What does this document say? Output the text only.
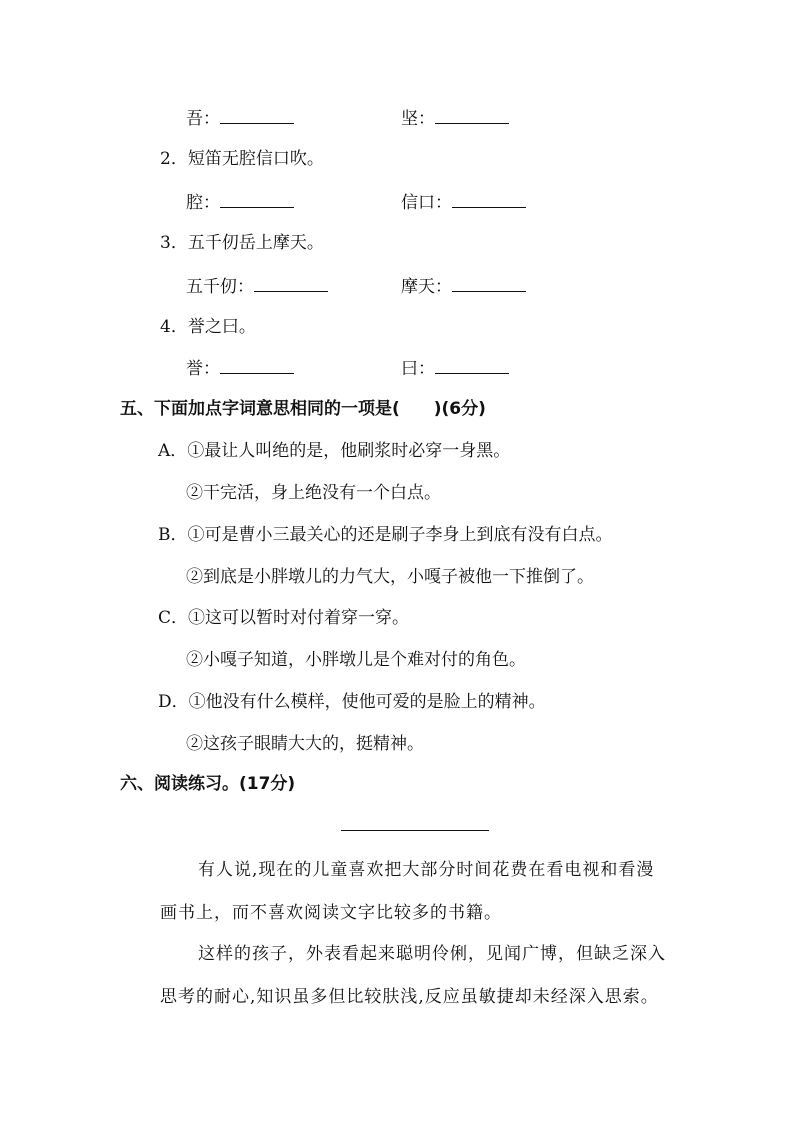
吾：	坚：
2．短笛无腔信口吹。
腔：	信口：
3．五千仞岳上摩天。
五千仞：	摩天：
4．誉之曰。
誉：	曰：
五、下面加点字词意思相同的一项是(　　)(6分)
A．①最让人叫绝的是，他刷浆时必穿一身黑。
②干完活，身上绝没有一个白点。
B．①可是曹小三最关心的还是刷子李身上到底有没有白点。
②到底是小胖墩儿的力气大，小嘎子被他一下推倒了。
C．①这可以暂时对付着穿一穿。
②小嘎子知道，小胖墩儿是个难对付的角色。
D．①他没有什么模样，使他可爱的是脸上的精神。
②这孩子眼睛大大的，挺精神。
六、阅读练习。(17分)
有人说,现在的儿童喜欢把大部分时间花费在看电视和看漫
画书上，而不喜欢阅读文字比较多的书籍。
这样的孩子，外表看起来聪明伶俐，见闻广博，但缺乏深入
思考的耐心,知识虽多但比较肤浅,反应虽敏捷却未经深入思索。
